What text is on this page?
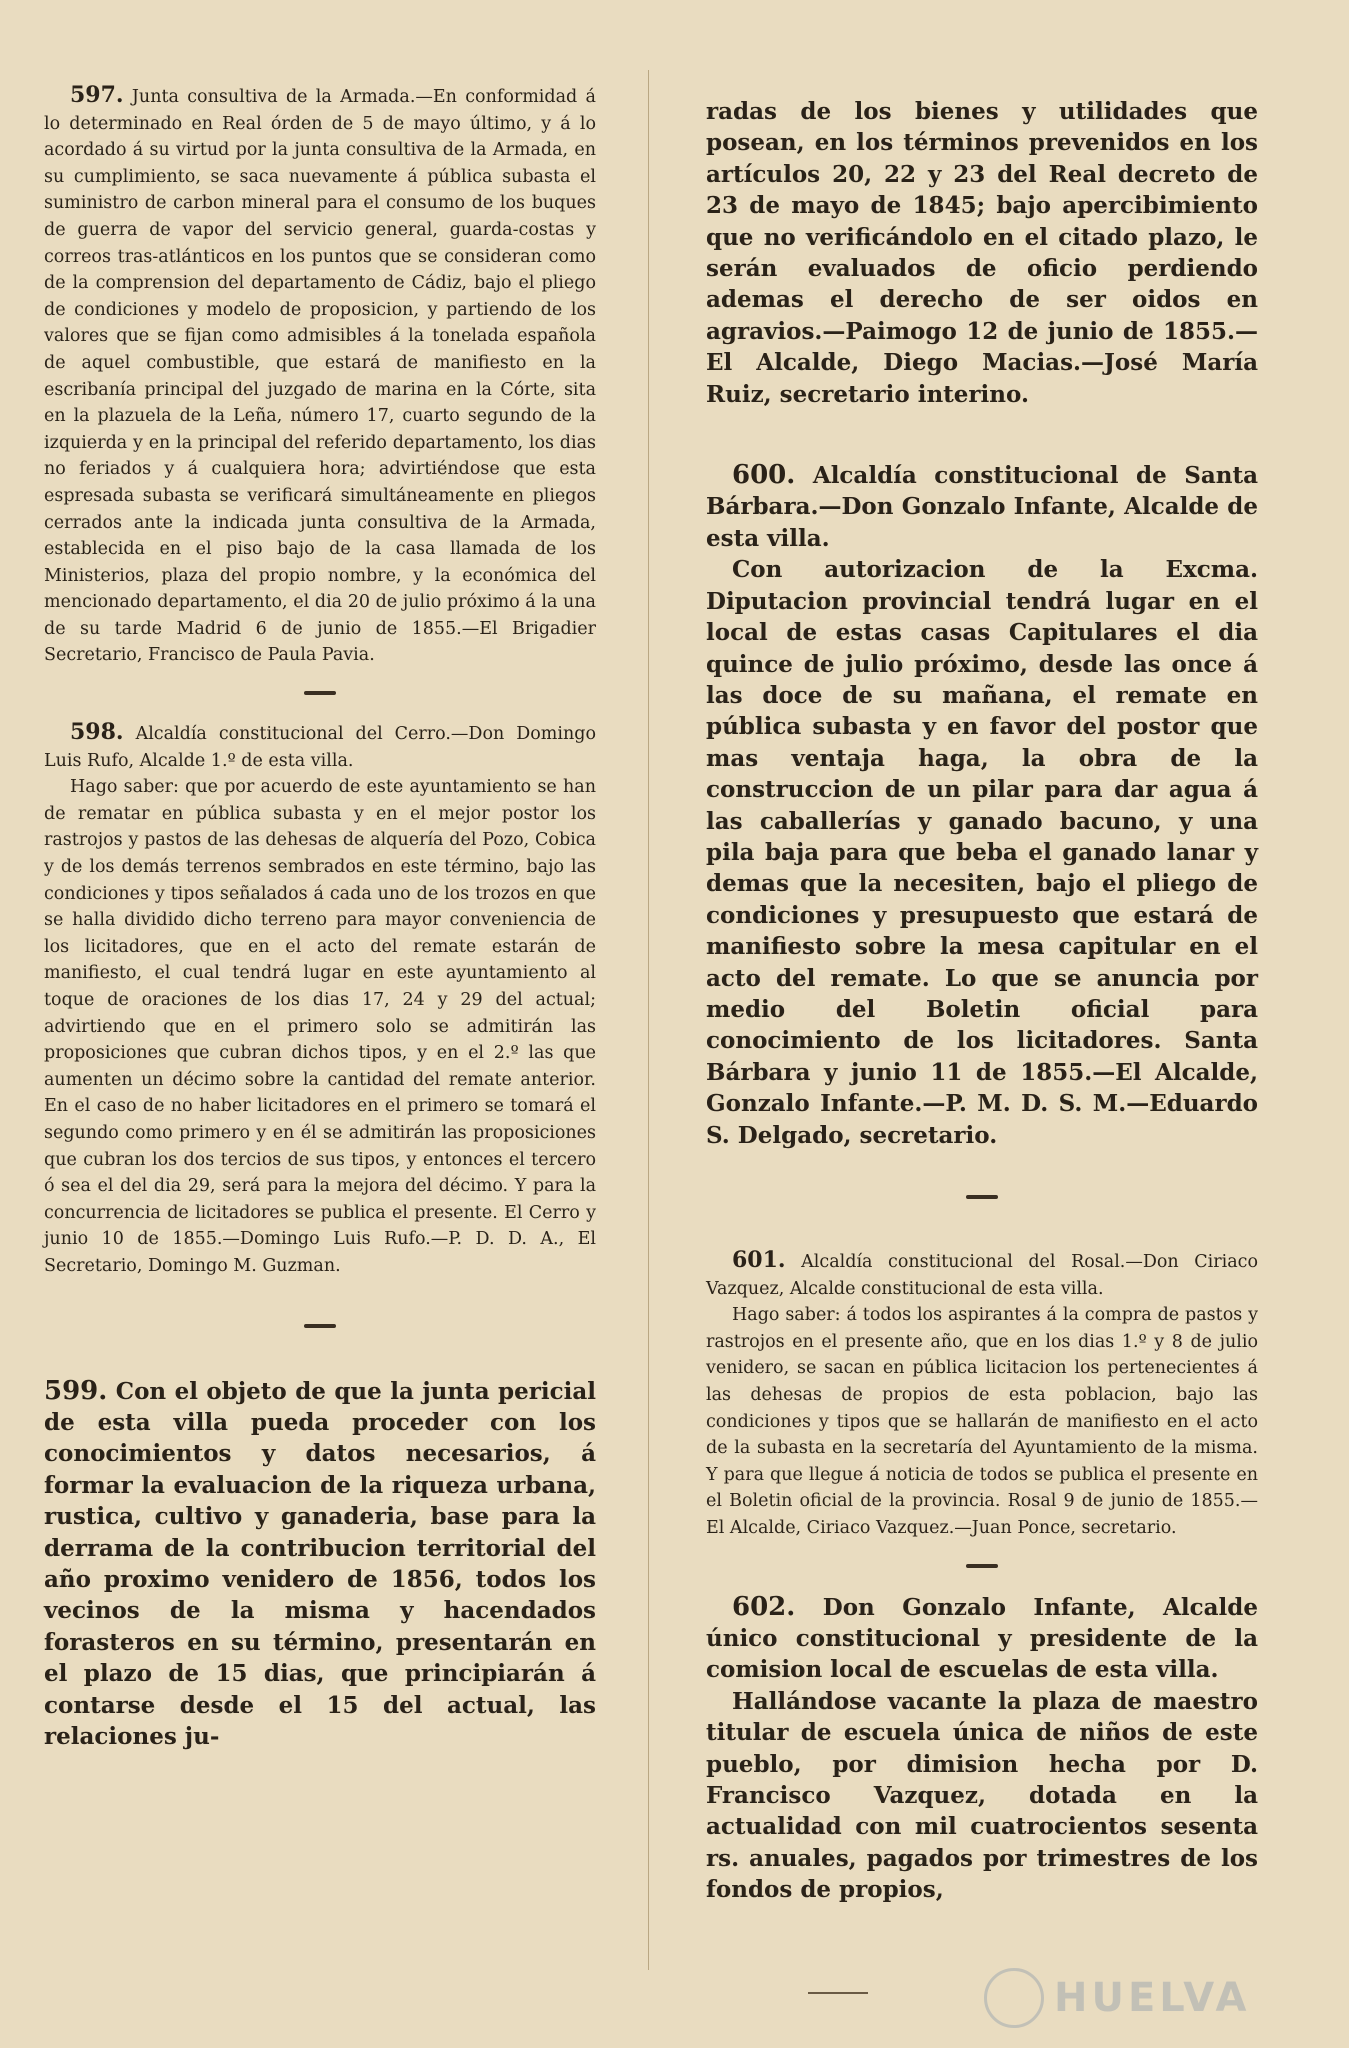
597. Junta consultiva de la Armada.—En conformidad á lo determinado en Real órden de 5 de mayo último, y á lo acordado á su virtud por la junta consultiva de la Armada, en su cumplimiento, se saca nuevamente á pública subasta el suministro de carbon mineral para el consumo de los buques de guerra de vapor del servicio general, guarda-costas y correos tras-atlánticos en los puntos que se consideran como de la comprension del departamento de Cádiz, bajo el pliego de condiciones y modelo de proposicion, y partiendo de los valores que se fijan como admisibles á la tonelada española de aquel combustible, que estará de manifiesto en la escribanía principal del juzgado de marina en la Córte, sita en la plazuela de la Leña, número 17, cuarto segundo de la izquierda y en la principal del referido departamento, los dias no feriados y á cualquiera hora; advirtiéndose que esta espresada subasta se verificará simultáneamente en pliegos cerrados ante la indicada junta consultiva de la Armada, establecida en el piso bajo de la casa llamada de los Ministerios, plaza del propio nombre, y la económica del mencionado departamento, el dia 20 de julio próximo á la una de su tarde Madrid 6 de junio de 1855.—El Brigadier Secretario, Francisco de Paula Pavia.

598. Alcaldía constitucional del Cerro.—Don Domingo Luis Rufo, Alcalde 1.º de esta villa.

Hago saber: que por acuerdo de este ayuntamiento se han de rematar en pública subasta y en el mejor postor los rastrojos y pastos de las dehesas de alquería del Pozo, Cobica y de los demás terrenos sembrados en este término, bajo las condiciones y tipos señalados á cada uno de los trozos en que se halla dividido dicho terreno para mayor conveniencia de los licitadores, que en el acto del remate estarán de manifiesto, el cual tendrá lugar en este ayuntamiento al toque de oraciones de los dias 17, 24 y 29 del actual; advirtiendo que en el primero solo se admitirán las proposiciones que cubran dichos tipos, y en el 2.º las que aumenten un décimo sobre la cantidad del remate anterior. En el caso de no haber licitadores en el primero se tomará el segundo como primero y en él se admitirán las proposiciones que cubran los dos tercios de sus tipos, y entonces el tercero ó sea el del dia 29, será para la mejora del décimo. Y para la concurrencia de licitadores se publica el presente. El Cerro y junio 10 de 1855.—Domingo Luis Rufo.—P. D. D. A., El Secretario, Domingo M. Guzman.

599. Con el objeto de que la junta pericial de esta villa pueda proceder con los conocimientos y datos necesarios, á formar la evaluacion de la riqueza urbana, rustica, cultivo y ganaderia, base para la derrama de la contribucion territorial del año proximo venidero de 1856, todos los vecinos de la misma y hacendados forasteros en su término, presentarán en el plazo de 15 dias, que principiarán á contarse desde el 15 del actual, las relaciones ju-

radas de los bienes y utilidades que posean, en los términos prevenidos en los artículos 20, 22 y 23 del Real decreto de 23 de mayo de 1845; bajo apercibimiento que no verificándolo en el citado plazo, le serán evaluados de oficio perdiendo ademas el derecho de ser oidos en agravios.—Paimogo 12 de junio de 1855.—El Alcalde, Diego Macias.—José María Ruiz, secretario interino.

600. Alcaldía constitucional de Santa Bárbara.—Don Gonzalo Infante, Alcalde de esta villa.

Con autorizacion de la Excma. Diputacion provincial tendrá lugar en el local de estas casas Capitulares el dia quince de julio próximo, desde las once á las doce de su mañana, el remate en pública subasta y en favor del postor que mas ventaja haga, la obra de la construccion de un pilar para dar agua á las caballerías y ganado bacuno, y una pila baja para que beba el ganado lanar y demas que la necesiten, bajo el pliego de condiciones y presupuesto que estará de manifiesto sobre la mesa capitular en el acto del remate. Lo que se anuncia por medio del Boletin oficial para conocimiento de los licitadores. Santa Bárbara y junio 11 de 1855.—El Alcalde, Gonzalo Infante.—P. M. D. S. M.—Eduardo S. Delgado, secretario.

601. Alcaldía constitucional del Rosal.—Don Ciriaco Vazquez, Alcalde constitucional de esta villa.

Hago saber: á todos los aspirantes á la compra de pastos y rastrojos en el presente año, que en los dias 1.º y 8 de julio venidero, se sacan en pública licitacion los pertenecientes á las dehesas de propios de esta poblacion, bajo las condiciones y tipos que se hallarán de manifiesto en el acto de la subasta en la secretaría del Ayuntamiento de la misma. Y para que llegue á noticia de todos se publica el presente en el Boletin oficial de la provincia. Rosal 9 de junio de 1855.—El Alcalde, Ciriaco Vazquez.—Juan Ponce, secretario.

602. Don Gonzalo Infante, Alcalde único constitucional y presidente de la comision local de escuelas de esta villa.

Hallándose vacante la plaza de maestro titular de escuela única de niños de este pueblo, por dimision hecha por D. Francisco Vazquez, dotada en la actualidad con mil cuatrocientos sesenta rs. anuales, pagados por trimestres de los fondos de propios,

HUELVA
